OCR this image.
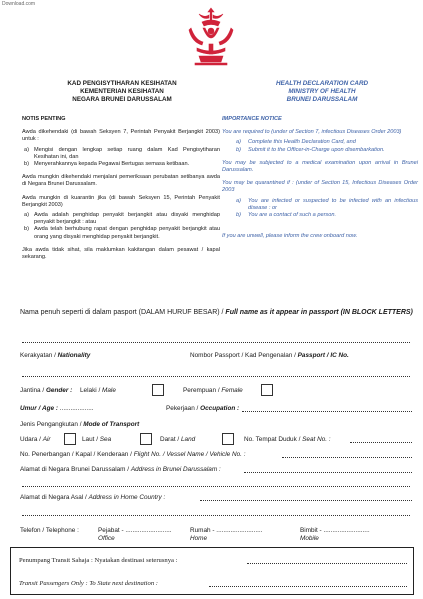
Download.com
KAD PENGISYTIHARAN KESIHATAN
KEMENTERIAN KESIHATAN
NEGARA BRUNEI DARUSSALAM
HEALTH DECLARATION CARD
MINISTRY OF HEALTH
BRUNEI DARUSSALAM
NOTIS PENTING
Awda dikehendaki (di bawah Seksyen 7, Perintah Penyakit Berjangkit 2003) untuk :
a) Mengisi dengan lengkap setiap ruang dalam Kad Pengisytiharan Kesihatan ini, dan
b) Menyerahkannya kepada Pegawai Bertugas semasa ketibaan.
Awda mungkin dikehendaki menjalani pemeriksaan perubatan setibanya awda di Negara Brunei Darussalam.
Awda mungkin di kuarantin jika (di bawah Seksyen 15, Perintah Penyakit Berjangkit 2003)
a) Awda adalah penghidap penyakit berjangkit atau disyaki menghidap penyakit berjangkit : atau
b) Awda telah berhubung rapat dengan penghidap penyakit berjangkit atau orang yang disyaki menghidap penyakit berjangkit.
Jika awda tidak sihat, sila maklumkan kakitangan dalam pesawat / kapal sekarang.
IMPORTANCE NOTICE
You are required to (under of Section 7, infectious Diseases Order 2003)
a)	Complete this Health Declaration Card, and
b)	Submit it to the Officer-in-Charge upon disembarkation.
You may be subjected to a medical examination upon arrival in Brunei Darussalam.
You may be quarantined if : (under of Section 15, Infectious Diseases Order 2003
a)	You are infected or suspected to be infected with an infectious disease : or
b)	You are a contact of such a person.
If you are unwell, please inform the crew onboard now.
Nama penuh seperti di dalam pasport (DALAM HURUF BESAR) / Full name as it appear in passport (IN BLOCK LETTERS)
Kerakyatan / Nationality	Nombor Passport / Kad Pengenalan / Passport / IC No.
Jantina / Gender : Lelaki / Male	Perempuan / Female
Umur / Age : ...................	Pekerjaan / Occupation :
Jenis Pengangkutan / Mode of Transport
Udara / Air	Laut / Sea	Darat / Land	No. Tempat Duduk / Seat No. :
No. Penerbangan / Kapal / Kenderaan / Flight No. / Vessel Name / Vehicle No. :
Alamat di Negara Brunei Darussalam / Address in Brunei Darussalam :
Alamat di Negara Asal / Address in Home Country :
Telefon / Telephone :	Pejabat - ..........................
Office
Rumah - ..........................
Home
Bimbit - ..........................
Mobile
Penumpang Transit Sahaja : Nyatakan destinasi seterusnya :
Transit Passengers Only : To State next destination :
